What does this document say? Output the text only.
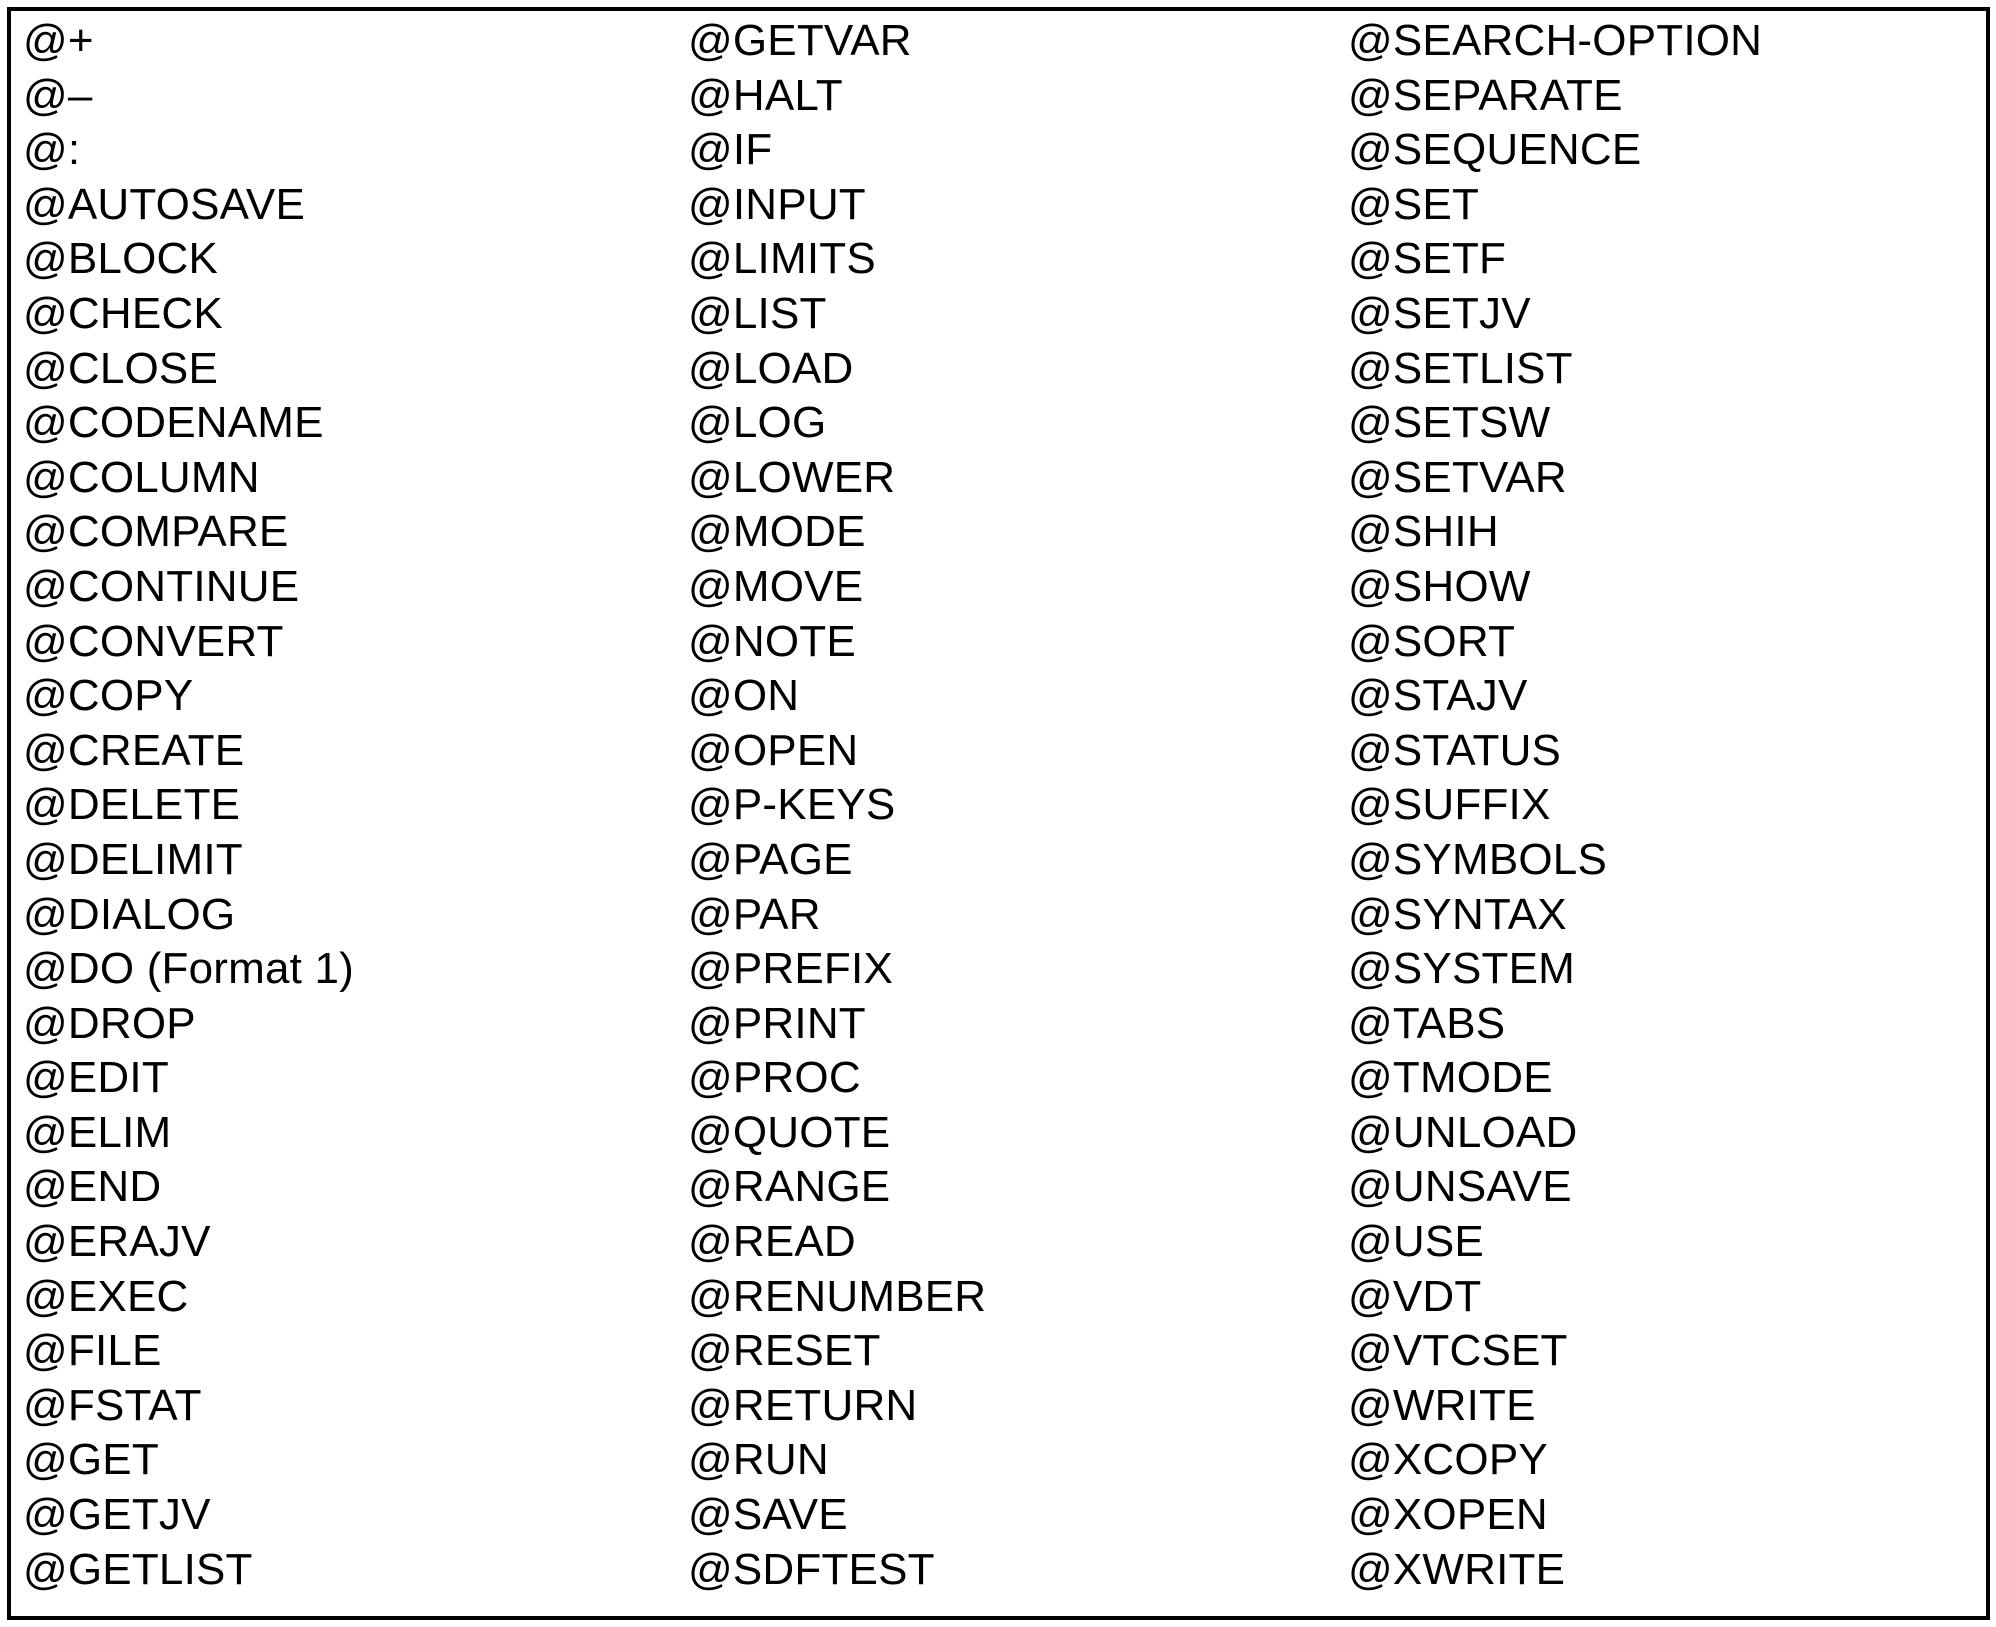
@+
@–
@:
@AUTOSAVE
@BLOCK
@CHECK
@CLOSE
@CODENAME
@COLUMN
@COMPARE
@CONTINUE
@CONVERT
@COPY
@CREATE
@DELETE
@DELIMIT
@DIALOG
@DO (Format 1)
@DROP
@EDIT
@ELIM
@END
@ERAJV
@EXEC
@FILE
@FSTAT
@GET
@GETJV
@GETLIST
@GETVAR
@HALT
@IF
@INPUT
@LIMITS
@LIST
@LOAD
@LOG
@LOWER
@MODE
@MOVE
@NOTE
@ON
@OPEN
@P-KEYS
@PAGE
@PAR
@PREFIX
@PRINT
@PROC
@QUOTE
@RANGE
@READ
@RENUMBER
@RESET
@RETURN
@RUN
@SAVE
@SDFTEST
@SEARCH-OPTION
@SEPARATE
@SEQUENCE
@SET
@SETF
@SETJV
@SETLIST
@SETSW
@SETVAR
@SHIH
@SHOW
@SORT
@STAJV
@STATUS
@SUFFIX
@SYMBOLS
@SYNTAX
@SYSTEM
@TABS
@TMODE
@UNLOAD
@UNSAVE
@USE
@VDT
@VTCSET
@WRITE
@XCOPY
@XOPEN
@XWRITE
